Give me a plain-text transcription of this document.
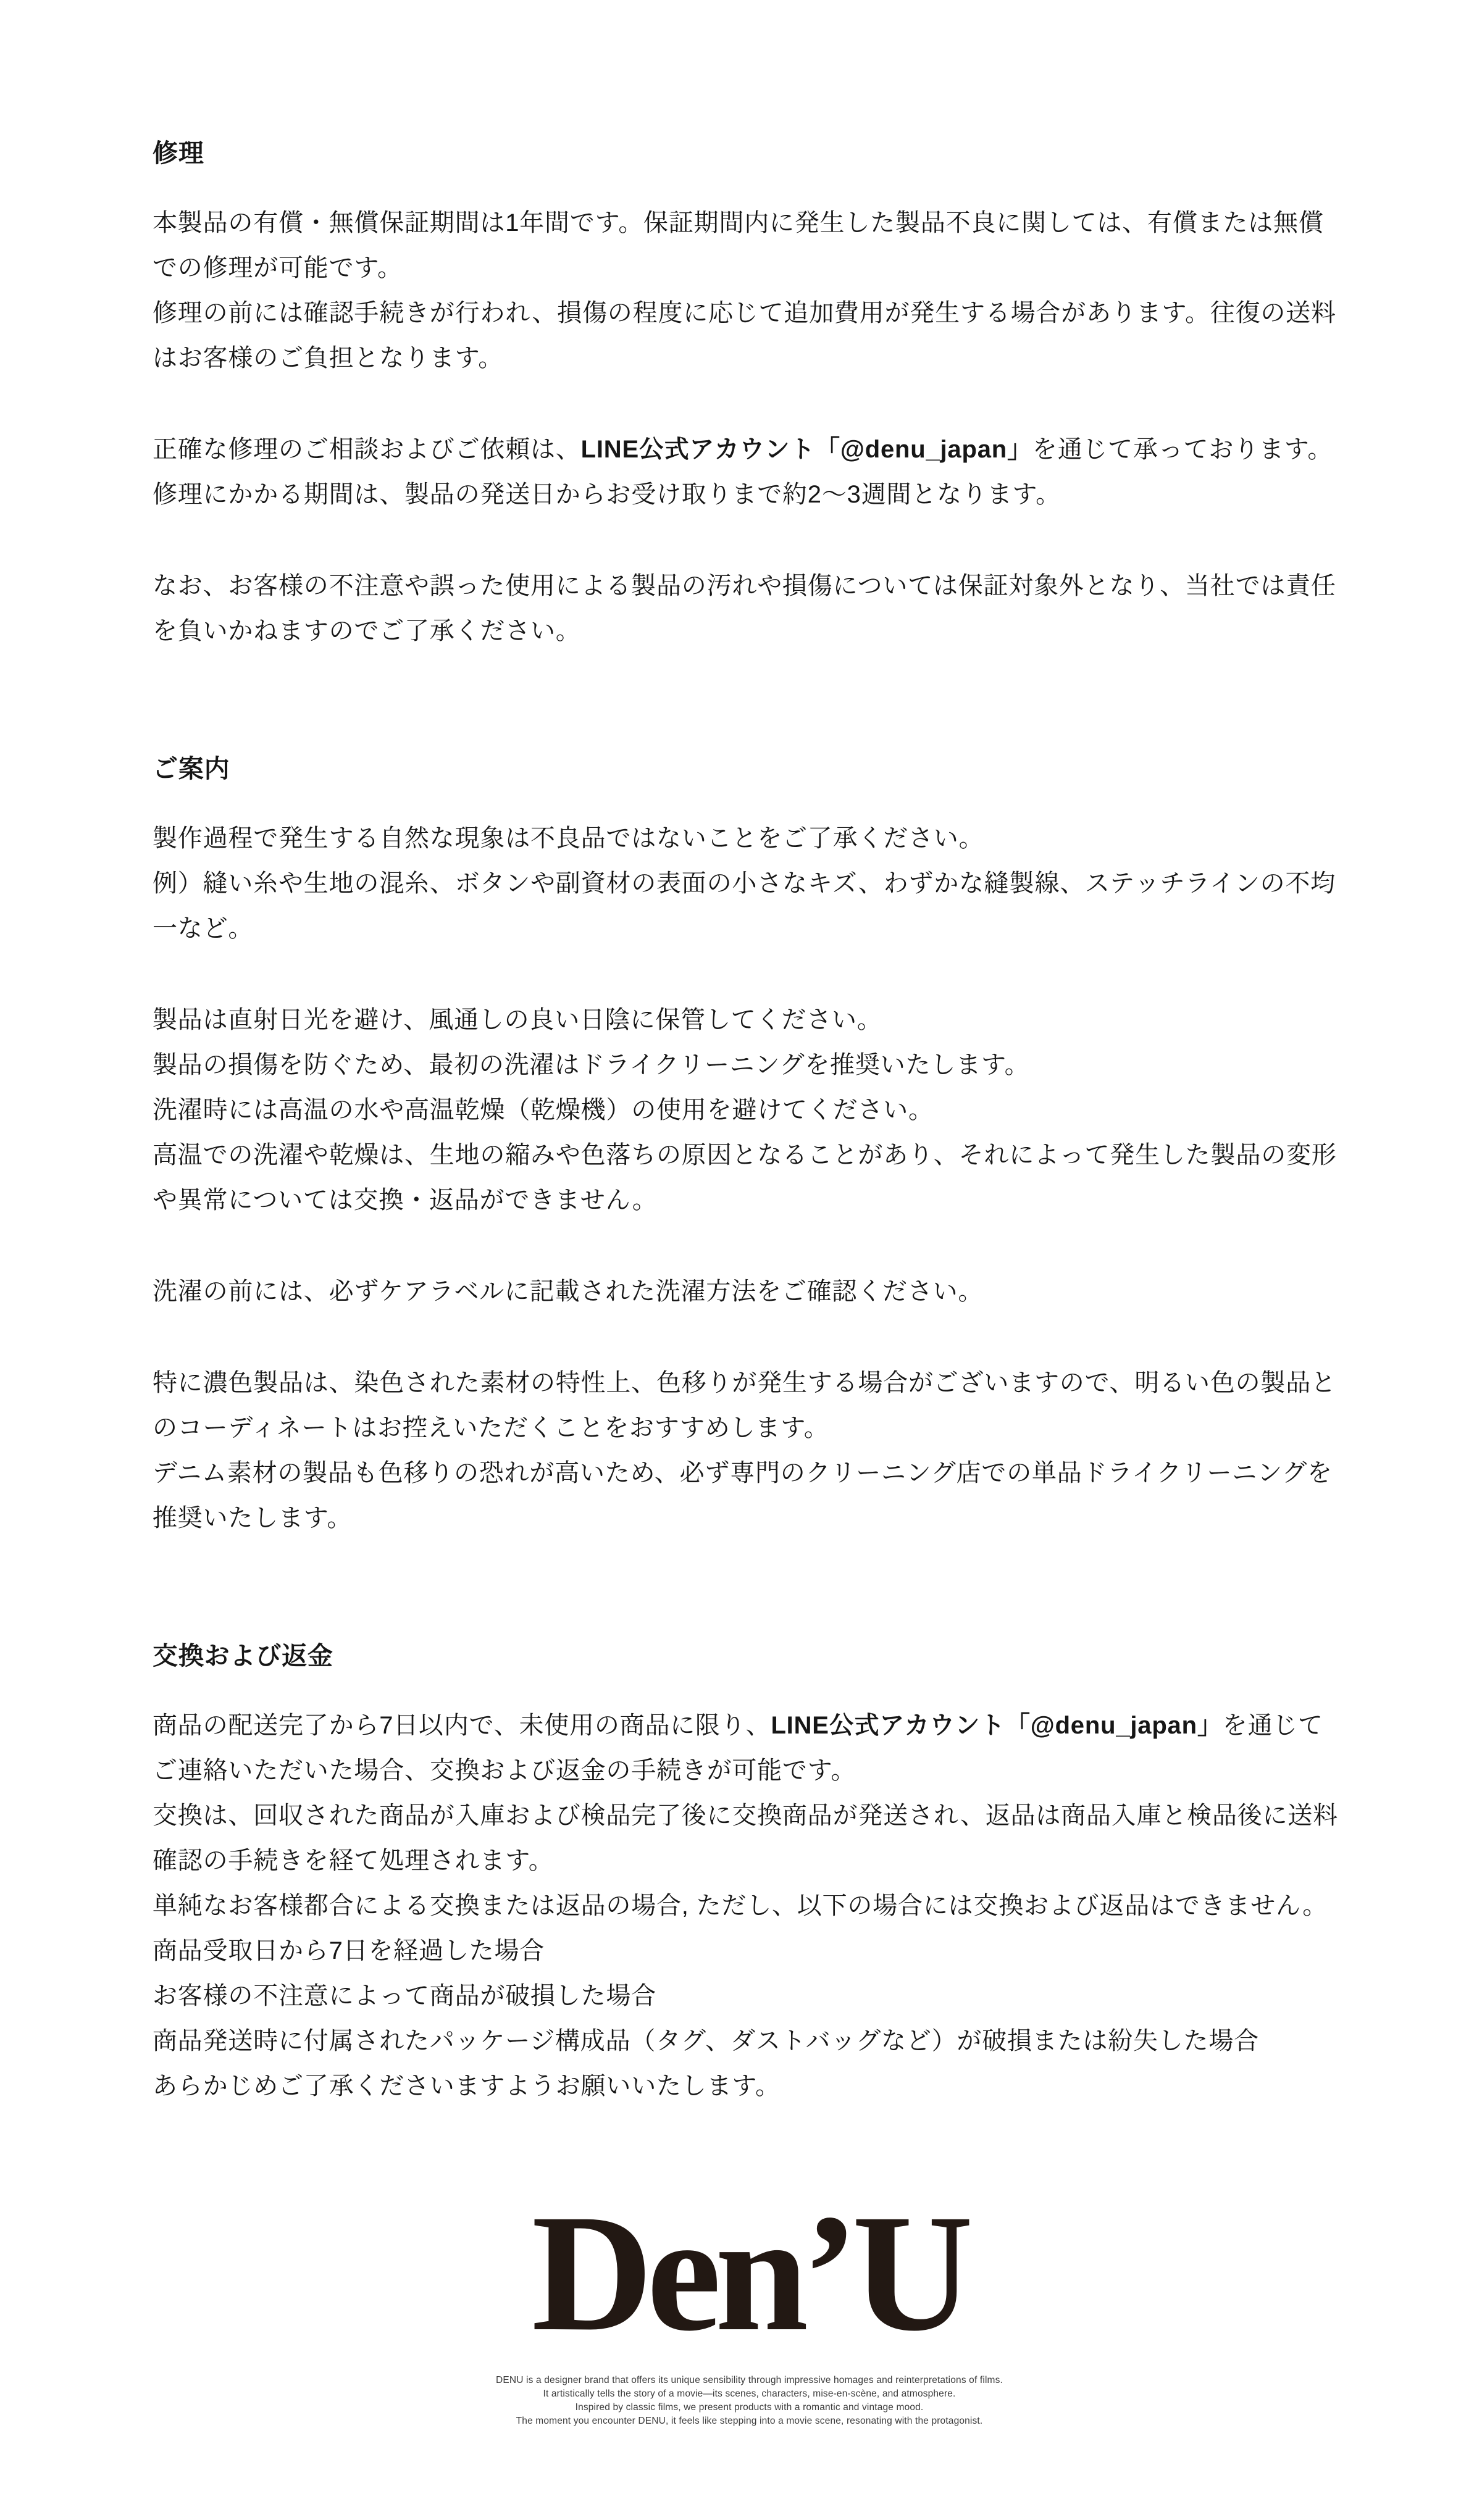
修理

本製品の有償・無償保証期間は1年間です。保証期間内に発生した製品不良に関しては、有償または無償での修理が可能です。

修理の前には確認手続きが行われ、損傷の程度に応じて追加費用が発生する場合があります。往復の送料はお客様のご負担となります。

正確な修理のご相談およびご依頼は、LINE公式アカウント「@denu_japan」を通じて承っております。

修理にかかる期間は、製品の発送日からお受け取りまで約2〜3週間となります。

なお、お客様の不注意や誤った使用による製品の汚れや損傷については保証対象外となり、当社では責任を負いかねますのでご了承ください。

ご案内

製作過程で発生する自然な現象は不良品ではないことをご了承ください。

例）縫い糸や生地の混糸、ボタンや副資材の表面の小さなキズ、わずかな縫製線、ステッチラインの不均一など。

製品は直射日光を避け、風通しの良い日陰に保管してください。

製品の損傷を防ぐため、最初の洗濯はドライクリーニングを推奨いたします。

洗濯時には高温の水や高温乾燥（乾燥機）の使用を避けてください。

高温での洗濯や乾燥は、生地の縮みや色落ちの原因となることがあり、それによって発生した製品の変形や異常については交換・返品ができません。

洗濯の前には、必ずケアラベルに記載された洗濯方法をご確認ください。

特に濃色製品は、染色された素材の特性上、色移りが発生する場合がございますので、明るい色の製品とのコーディネートはお控えいただくことをおすすめします。

デニム素材の製品も色移りの恐れが高いため、必ず専門のクリーニング店での単品ドライクリーニングを推奨いたします。

交換および返金

商品の配送完了から7日以内で、未使用の商品に限り、LINE公式アカウント「@denu_japan」を通じてご連絡いただいた場合、交換および返金の手続きが可能です。

交換は、回収された商品が入庫および検品完了後に交換商品が発送され、返品は商品入庫と検品後に送料確認の手続きを経て処理されます。

単純なお客様都合による交換または返品の場合, ただし、以下の場合には交換および返品はできません。

商品受取日から7日を経過した場合

お客様の不注意によって商品が破損した場合

商品発送時に付属されたパッケージ構成品（タグ、ダストバッグなど）が破損または紛失した場合

あらかじめご了承くださいますようお願いいたします。

Den’U

DENU is a designer brand that offers its unique sensibility through impressive homages and reinterpretations of films.

It artistically tells the story of a movie—its scenes, characters, mise-en-scène, and atmosphere.

Inspired by classic films, we present products with a romantic and vintage mood.

The moment you encounter DENU, it feels like stepping into a movie scene, resonating with the protagonist.
